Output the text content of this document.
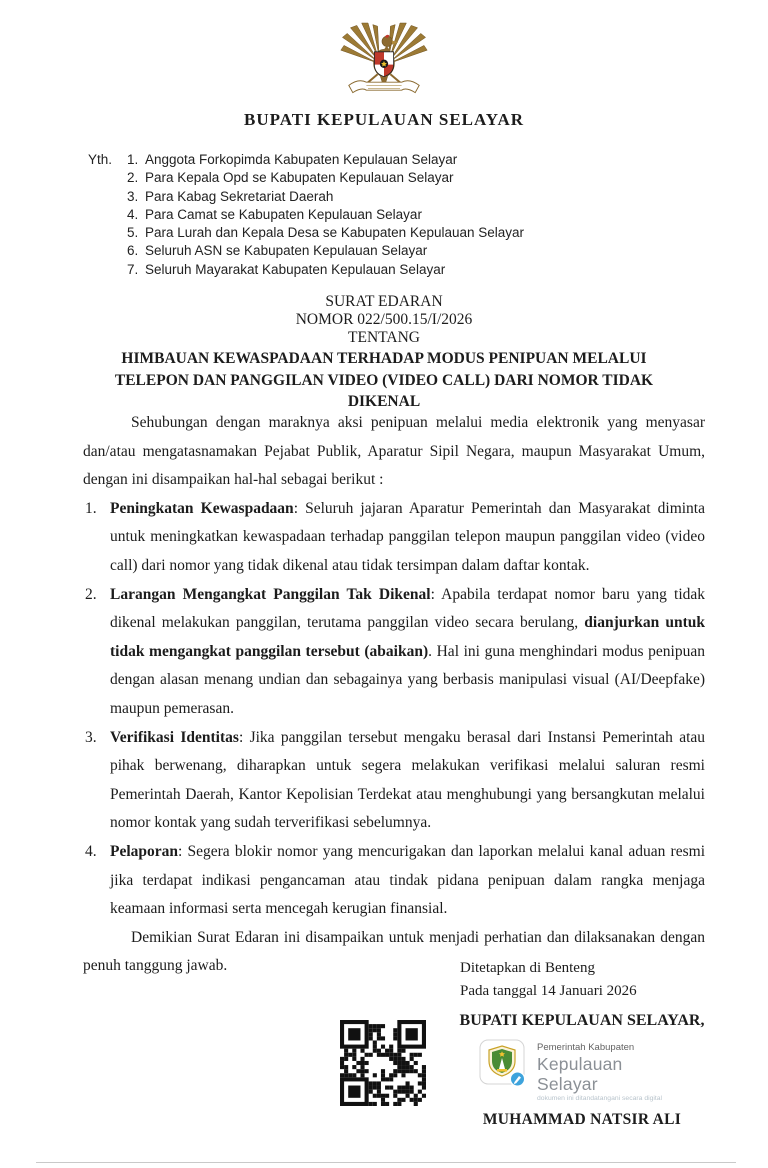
BUPATI KEPULAUAN SELAYAR
Yth.	1. Anggota Forkopimda Kabupaten Kepulauan Selayar
2. Para Kepala Opd se Kabupaten Kepulauan Selayar
3. Para Kabag Sekretariat Daerah
4. Para Camat se Kabupaten Kepulauan Selayar
5. Para Lurah dan Kepala Desa se Kabupaten Kepulauan Selayar
6. Seluruh ASN se Kabupaten Kepulauan Selayar
7. Seluruh Mayarakat Kabupaten Kepulauan Selayar
SURAT EDARAN
NOMOR 022/500.15/I/2026
TENTANG
HIMBAUAN KEWASPADAAN TERHADAP MODUS PENIPUAN MELALUI
TELEPON DAN PANGGILAN VIDEO (VIDEO CALL) DARI NOMOR TIDAK
DIKENAL

Sehubungan dengan maraknya aksi penipuan melalui media elektronik yang menyasar dan/atau mengatasnamakan Pejabat Publik, Aparatur Sipil Negara, maupun Masyarakat Umum, dengan ini disampaikan hal-hal sebagai berikut :

1. Peningkatan Kewaspadaan: Seluruh jajaran Aparatur Pemerintah dan Masyarakat diminta untuk meningkatkan kewaspadaan terhadap panggilan telepon maupun panggilan video (video call) dari nomor yang tidak dikenal atau tidak tersimpan dalam daftar kontak.
2. Larangan Mengangkat Panggilan Tak Dikenal: Apabila terdapat nomor baru yang tidak dikenal melakukan panggilan, terutama panggilan video secara berulang, dianjurkan untuk tidak mengangkat panggilan tersebut (abaikan). Hal ini guna menghindari modus penipuan dengan alasan menang undian dan sebagainya yang berbasis manipulasi visual (AI/Deepfake) maupun pemerasan.
3. Verifikasi Identitas: Jika panggilan tersebut mengaku berasal dari Instansi Pemerintah atau pihak berwenang, diharapkan untuk segera melakukan verifikasi melalui saluran resmi Pemerintah Daerah, Kantor Kepolisian Terdekat atau menghubungi yang bersangkutan melalui nomor kontak yang sudah terverifikasi sebelumnya.
4. Pelaporan: Segera blokir nomor yang mencurigakan dan laporkan melalui kanal aduan resmi jika terdapat indikasi pengancaman atau tindak pidana penipuan dalam rangka menjaga keamaan informasi serta mencegah kerugian finansial.

Demikian Surat Edaran ini disampaikan untuk menjadi perhatian dan dilaksanakan dengan penuh tanggung jawab.	Ditetapkan di Benteng
Pada tanggal 14 Januari 2026
BUPATI KEPULAUAN SELAYAR,
Pemerintah Kabupaten
Kepulauan Selayar
dokumen ini ditandatangani secara digital
MUHAMMAD NATSIR ALI
